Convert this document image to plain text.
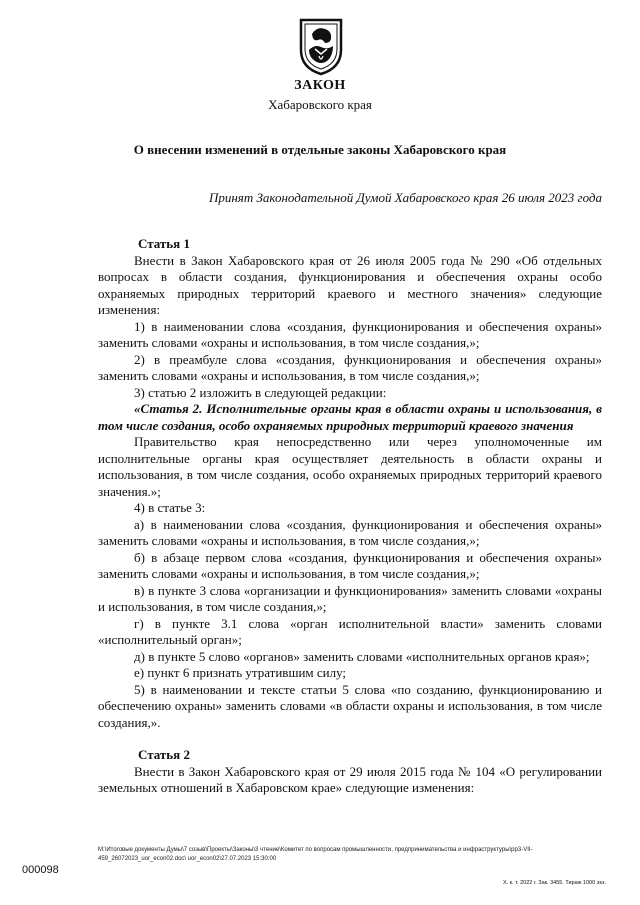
ЗАКОН
Хабаровского края
О внесении изменений в отдельные законы Хабаровского края
Принят Законодательной Думой Хабаровского края 26 июля 2023 года

Статья 1

Внести в Закон Хабаровского края от 26 июля 2005 года № 290 «Об отдельных вопросах в области создания, функционирования и обеспечения охраны особо охраняемых природных территорий краевого и местного значения» следующие изменения:

1) в наименовании слова «создания, функционирования и обеспечения охраны» заменить словами «охраны и использования, в том числе создания,»;

2) в преамбуле слова «создания, функционирования и обеспечения охраны» заменить словами «охраны и использования, в том числе создания,»;

3) статью 2 изложить в следующей редакции:

«Статья 2. Исполнительные органы края в области охраны и использования, в том числе создания, особо охраняемых природных территорий краевого значения

Правительство края непосредственно или через уполномоченные им исполнительные органы края осуществляет деятельность в области охраны и использования, в том числе создания, особо охраняемых природных территорий краевого значения.»;

4) в статье 3:

а) в наименовании слова «создания, функционирования и обеспечения охраны» заменить словами «охраны и использования, в том числе создания,»;

б) в абзаце первом слова «создания, функционирования и обеспечения охраны» заменить словами «охраны и использования, в том числе создания,»;

в) в пункте 3 слова «организации и функционирования» заменить словами «охраны и использования, в том числе создания,»;

г) в пункте 3.1 слова «орган исполнительной власти» заменить словами «исполнительный орган»;

д) в пункте 5 слово «органов» заменить словами «исполнительных органов края»;

е) пункт 6 признать утратившим силу;

5) в наименовании и тексте статьи 5 слова «по созданию, функционированию и обеспечению охраны» заменить словами «в области охраны и использования, в том числе создания,».

Статья 2

Внести в Закон Хабаровского края от 29 июля 2015 года № 104 «О регулировании земельных отношений в Хабаровском крае» следующие изменения:

М:\Итоговые документы Думы\7 созыв\Проекты\Законы\3 чтение\Комитет по вопросам промышленности, предпринимательства и инфраструктуры\рр3-VII-459_26072023_uor_econ02.doc\ uor_econ02\27.07.2023 15:30:00
000098
Х. к. т. 2022 г. Зак. 3455. Тираж 1000 экз.
